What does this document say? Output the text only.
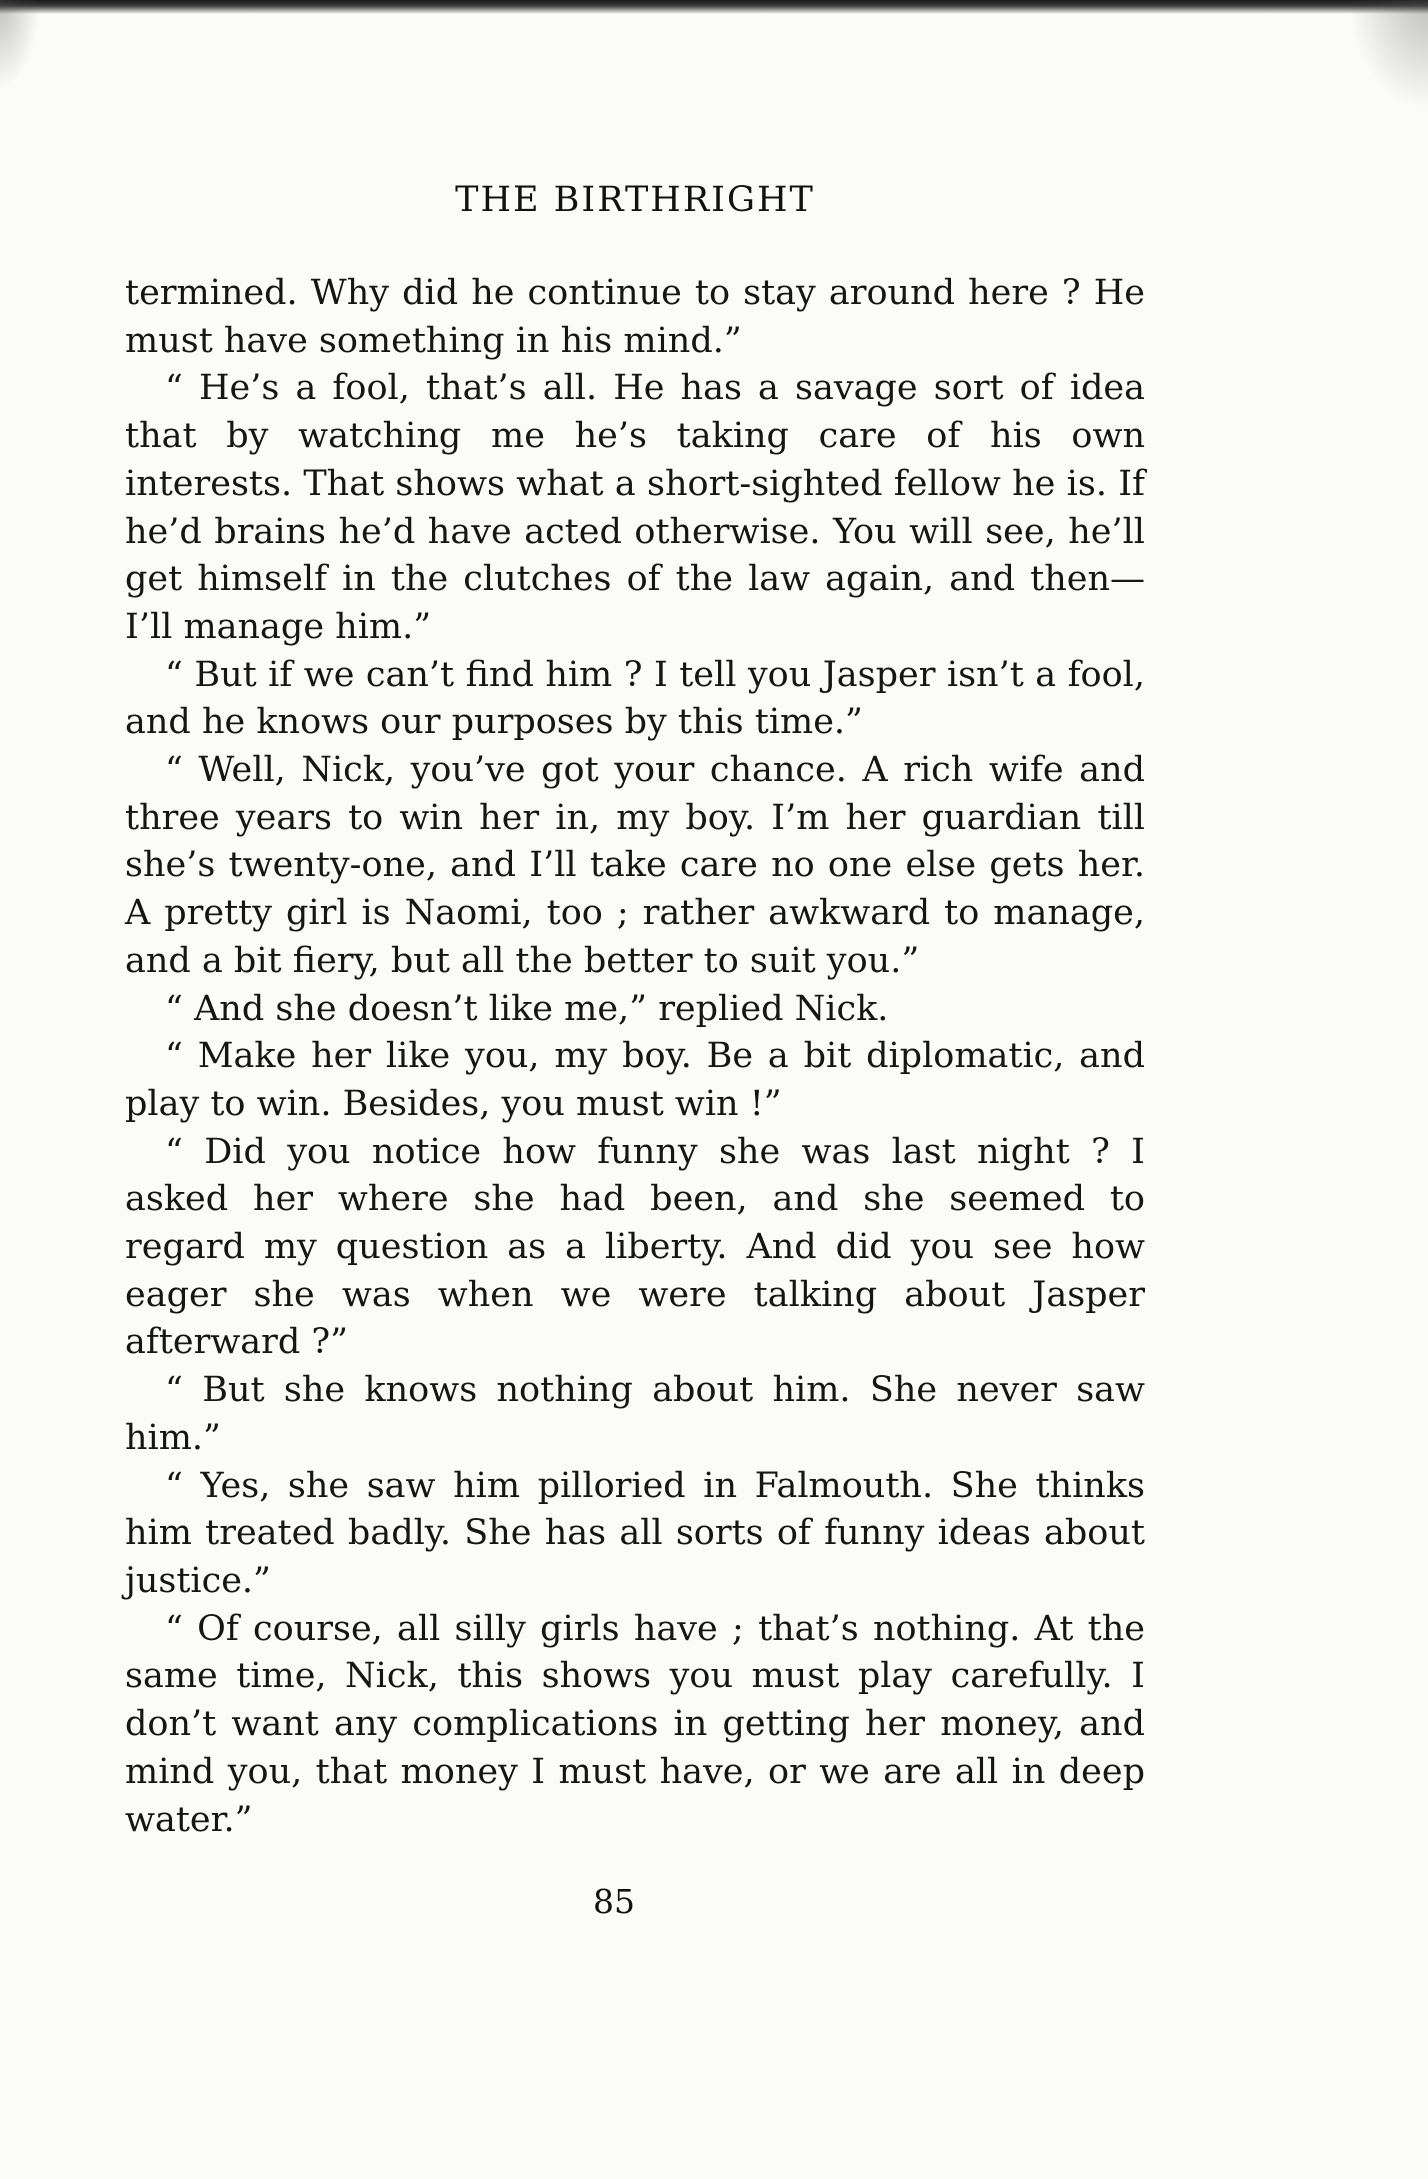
THE BIRTHRIGHT

termined. Why did he continue to stay around here ? He must have something in his mind.”

“ He’s a fool, that’s all. He has a savage sort of idea that by watching me he’s taking care of his own interests. That shows what a short-sighted fellow he is. If he’d brains he’d have acted otherwise. You will see, he’ll get himself in the clutches of the law again, and then—I’ll manage him.”

“ But if we can’t find him ? I tell you Jasper isn’t a fool, and he knows our purposes by this time.”

“ Well, Nick, you’ve got your chance. A rich wife and three years to win her in, my boy. I’m her guardian till she’s twenty-one, and I’ll take care no one else gets her. A pretty girl is Naomi, too ; rather awkward to manage, and a bit fiery, but all the better to suit you.”

“ And she doesn’t like me,” replied Nick.

“ Make her like you, my boy. Be a bit diplomatic, and play to win. Besides, you must win !”

“ Did you notice how funny she was last night ? I asked her where she had been, and she seemed to regard my question as a liberty. And did you see how eager she was when we were talking about Jasper afterward ?”

“ But she knows nothing about him. She never saw him.”

“ Yes, she saw him pilloried in Falmouth. She thinks him treated badly. She has all sorts of funny ideas about justice.”

“ Of course, all silly girls have ; that’s nothing. At the same time, Nick, this shows you must play carefully. I don’t want any complications in getting her money, and mind you, that money I must have, or we are all in deep water.”

85
